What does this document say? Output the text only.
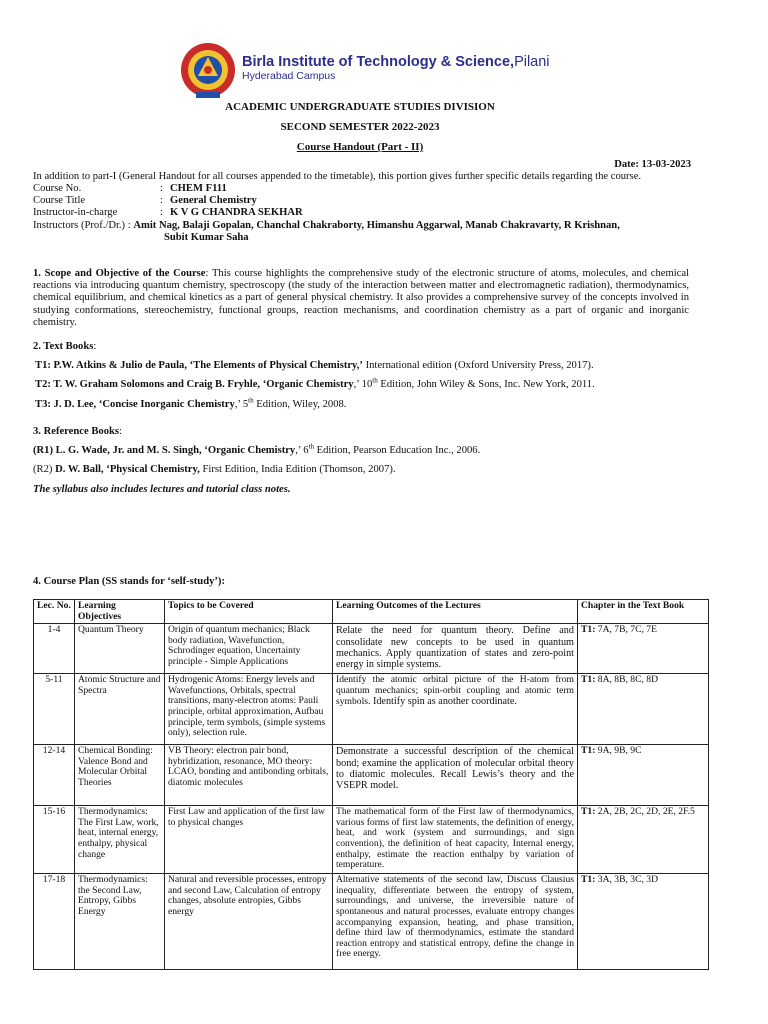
Birla Institute of Technology & Science,Pilani
Hyderabad Campus
ACADEMIC UNDERGRADUATE STUDIES DIVISION
SECOND SEMESTER 2022-2023
Course Handout (Part - II)
Date: 13-03-2023
In addition to part-I (General Handout for all courses appended to the timetable), this portion gives further specific details regarding the course.
Course No.	: CHEM F111
Course Title	: General Chemistry
Instructor-in-charge	: K V G CHANDRA SEKHAR
Instructors (Prof./Dr.) : Amit Nag, Balaji Gopalan, Chanchal Chakraborty, Himanshu Aggarwal, Manab Chakravarty, R Krishnan,
Subit Kumar Saha
1. Scope and Objective of the Course: This course highlights the comprehensive study of the electronic structure of atoms, molecules, and chemical reactions via introducing quantum chemistry, spectroscopy (the study of the interaction between matter and electromagnetic radiation), thermodynamics, chemical equilibrium, and chemical kinetics as a part of general physical chemistry. It also provides a comprehensive survey of the concepts involved in studying conformations, stereochemistry, functional groups, reaction mechanisms, and coordination chemistry as a part of organic and inorganic chemistry.
2. Text Books:
T1: P.W. Atkins & Julio de Paula, ‘The Elements of Physical Chemistry,’ International edition (Oxford University Press, 2017).
T2: T. W. Graham Solomons and Craig B. Fryhle, ‘Organic Chemistry,’ 10th Edition, John Wiley & Sons, Inc. New York, 2011.
T3: J. D. Lee, ‘Concise Inorganic Chemistry,’ 5th Edition, Wiley, 2008.
3. Reference Books:
(R1) L. G. Wade, Jr. and M. S. Singh, ‘Organic Chemistry,’ 6th Edition, Pearson Education Inc., 2006.
(R2) D. W. Ball, ‘Physical Chemistry, First Edition, India Edition (Thomson, 2007).
The syllabus also includes lectures and tutorial class notes.
4. Course Plan (SS stands for ‘self-study’):
Lec. No.	Learning Objectives	Topics to be Covered	Learning Outcomes of the Lectures	Chapter in the Text Book
1-4	Quantum Theory	Origin of quantum mechanics; Black body radiation, Wavefunction, Schrodinger equation, Uncertainty principle - Simple Applications	Relate the need for quantum theory. Define and consolidate new concepts to be used in quantum mechanics. Apply quantization of states and zero-point energy in simple systems.	T1: 7A, 7B, 7C, 7E
5-11	Atomic Structure and Spectra	Hydrogenic Atoms: Energy levels and Wavefunctions, Orbitals, spectral transitions, many-electron atoms: Pauli principle, orbital approximation, Aufbau principle, term symbols, (simple systems only), selection rule.	Identify the atomic orbital picture of the H-atom from quantum mechanics; spin-orbit coupling and atomic term symbols. Identify spin as another coordinate.	T1: 8A, 8B, 8C, 8D
12-14	Chemical Bonding: Valence Bond and Molecular Orbital Theories	VB Theory: electron pair bond, hybridization, resonance, MO theory: LCAO, bonding and antibonding orbitals, diatomic molecules	Demonstrate a successful description of the chemical bond; examine the application of molecular orbital theory to diatomic molecules. Recall Lewis’s theory and the VSEPR model.	T1: 9A, 9B, 9C
15-16	Thermodynamics: The First Law, work, heat, internal energy, enthalpy, physical change	First Law and application of the first law to physical changes	The mathematical form of the First law of thermodynamics, various forms of first law statements, the definition of energy, heat, and work (system and surroundings, and sign convention), the definition of heat capacity, Internal energy, enthalpy, estimate the reaction enthalpy by variation of temperature.	T1: 2A, 2B, 2C, 2D, 2E, 2F.5
17-18	Thermodynamics: the Second Law, Entropy, Gibbs Energy	Natural and reversible processes, entropy and second Law, Calculation of entropy changes, absolute entropies, Gibbs energy	Alternative statements of the second law, Discuss Clausius inequality, differentiate between the entropy of system, surroundings, and universe, the irreversible nature of spontaneous and natural processes, evaluate entropy changes accompanying expansion, heating, and phase transition, define third law of thermodynamics, estimate the standard reaction entropy and statistical entropy, define the change in free energy.	T1: 3A, 3B, 3C, 3D
